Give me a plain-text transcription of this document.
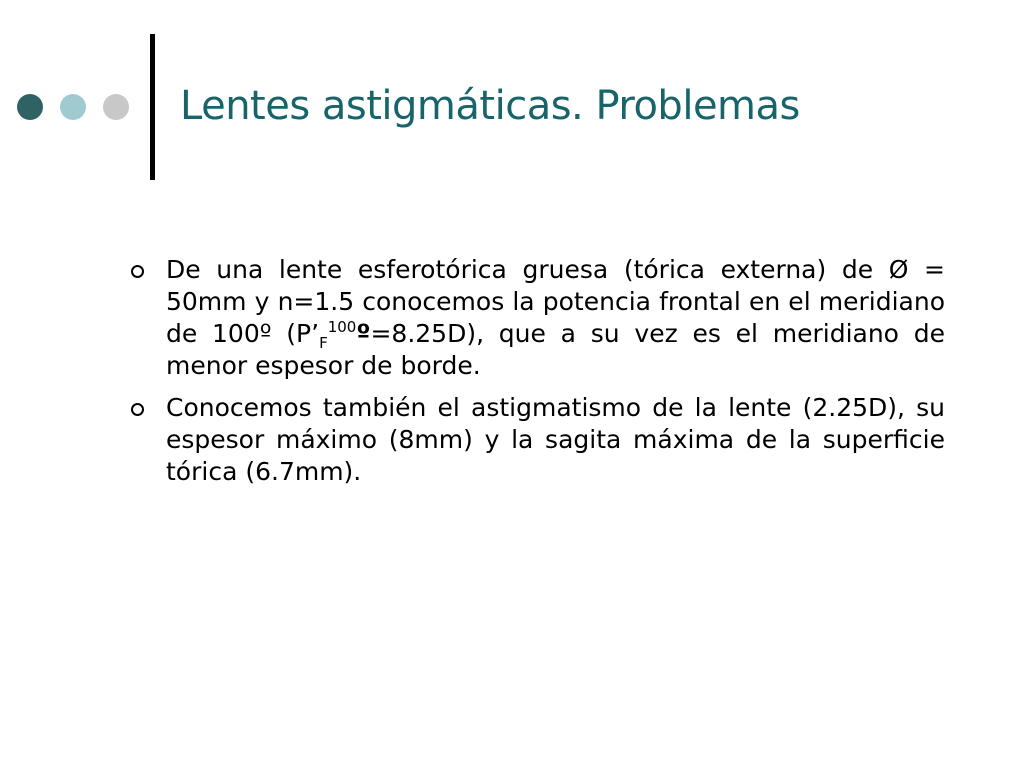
Lentes astigmáticas. Problemas
De una lente esferotórica gruesa (tórica externa) de Ø = 50mm y n=1.5 conocemos la potencia frontal en el meridiano de 100º $(P’_F^{100}º=8.25D)$, que a su vez es el meridiano de menor espesor de borde.
Conocemos también el astigmatismo de la lente (2.25D), su espesor máximo (8mm) y la sagita máxima de la superficie tórica (6.7mm).
